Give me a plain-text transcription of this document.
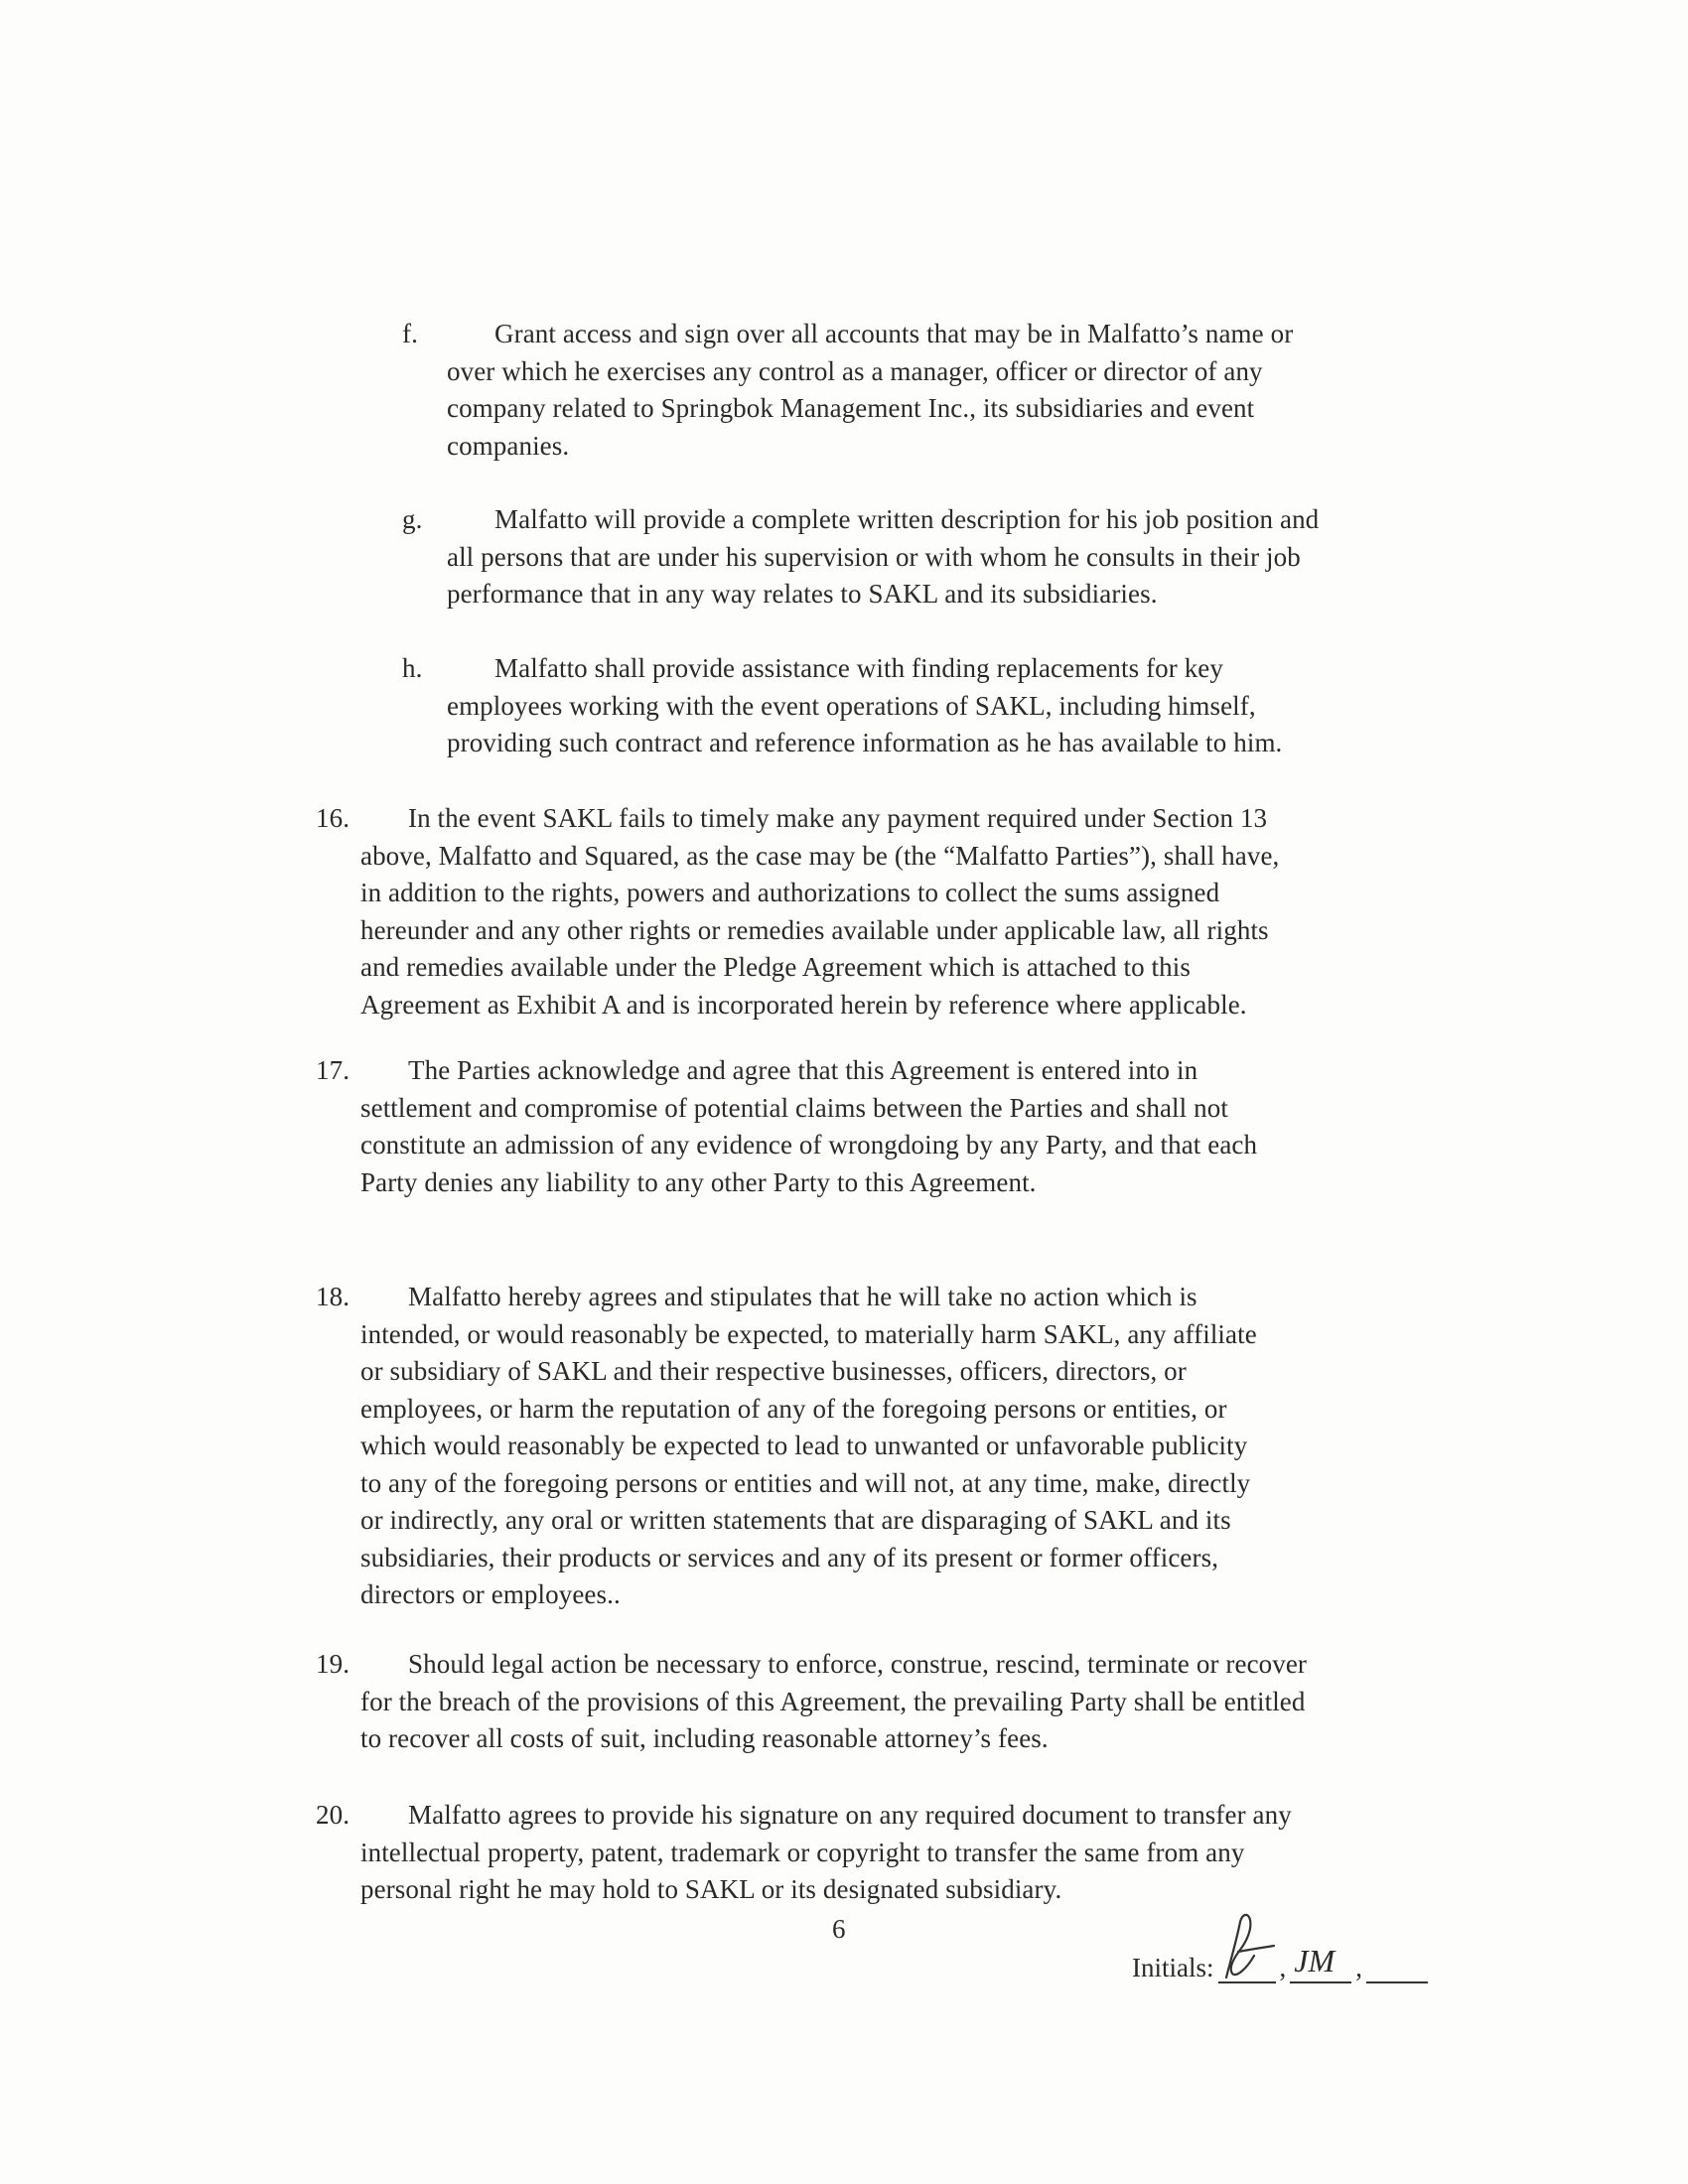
f.	Grant access and sign over all accounts that may be in Malfatto’s name or
over which he exercises any control as a manager, officer or director of any
company related to Springbok Management Inc., its subsidiaries and event
companies.
g.	Malfatto will provide a complete written description for his job position and
all persons that are under his supervision or with whom he consults in their job
performance that in any way relates to SAKL and its subsidiaries.
h.	Malfatto shall provide assistance with finding replacements for key
employees working with the event operations of SAKL, including himself,
providing such contract and reference information as he has available to him.
16.	In the event SAKL fails to timely make any payment required under Section 13
above, Malfatto and Squared, as the case may be (the “Malfatto Parties”), shall have,
in addition to the rights, powers and authorizations to collect the sums assigned
hereunder and any other rights or remedies available under applicable law, all rights
and remedies available under the Pledge Agreement which is attached to this
Agreement as Exhibit A and is incorporated herein by reference where applicable.
17.	The Parties acknowledge and agree that this Agreement is entered into in
settlement and compromise of potential claims between the Parties and shall not
constitute an admission of any evidence of wrongdoing by any Party, and that each
Party denies any liability to any other Party to this Agreement.
18.	Malfatto hereby agrees and stipulates that he will take no action which is
intended, or would reasonably be expected, to materially harm SAKL, any affiliate
or subsidiary of SAKL and their respective businesses, officers, directors, or
employees, or harm the reputation of any of the foregoing persons or entities, or
which would reasonably be expected to lead to unwanted or unfavorable publicity
to any of the foregoing persons or entities and will not, at any time, make, directly
or indirectly, any oral or written statements that are disparaging of SAKL and its
subsidiaries, their products or services and any of its present or former officers,
directors or employees..
19.	Should legal action be necessary to enforce, construe, rescind, terminate or recover
for the breach of the provisions of this Agreement, the prevailing Party shall be entitled
to recover all costs of suit, including reasonable attorney’s fees.
20.	Malfatto agrees to provide his signature on any required document to transfer any
intellectual property, patent, trademark or copyright to transfer the same from any
personal right he may hold to SAKL or its designated subsidiary.
6
Initials: , JM ,
